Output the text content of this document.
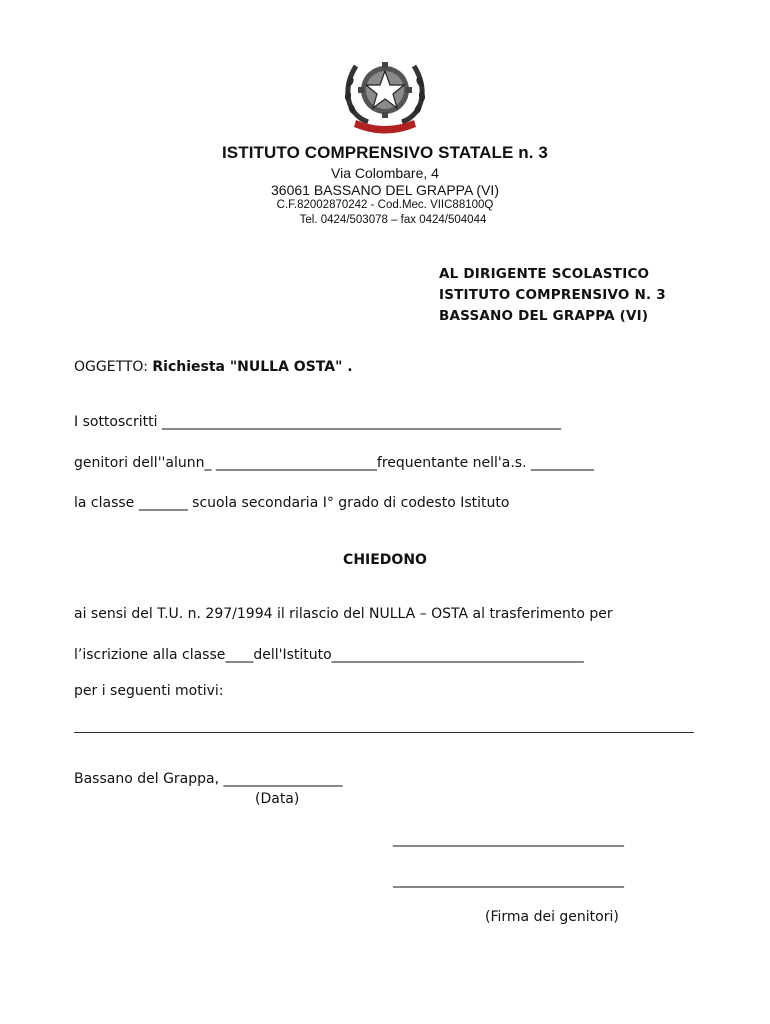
ISTITUTO COMPRENSIVO STATALE n. 3
Via Colombare, 4
36061 BASSANO DEL GRAPPA (VI)
C.F.82002870242 - Cod.Mec. VIIC88100Q
Tel. 0424/503078 – fax 0424/504044
AL DIRIGENTE SCOLASTICO
ISTITUTO COMPRENSIVO N. 3
BASSANO DEL GRAPPA (VI)
OGGETTO: Richiesta "NULLA OSTA" .
I sottoscritti _________________________________________________________
genitori dell''alunn_ _______________________frequentante nell'a.s. _________
la classe _______ scuola secondaria I° grado di codesto Istituto
CHIEDONO
ai sensi del T.U. n. 297/1994 il rilascio del NULLA – OSTA al trasferimento per
l’iscrizione alla classe____dell'Istituto____________________________________
per i seguenti motivi:
Bassano del Grappa, _________________
(Data)
_________________________________
_________________________________
(Firma dei genitori)
